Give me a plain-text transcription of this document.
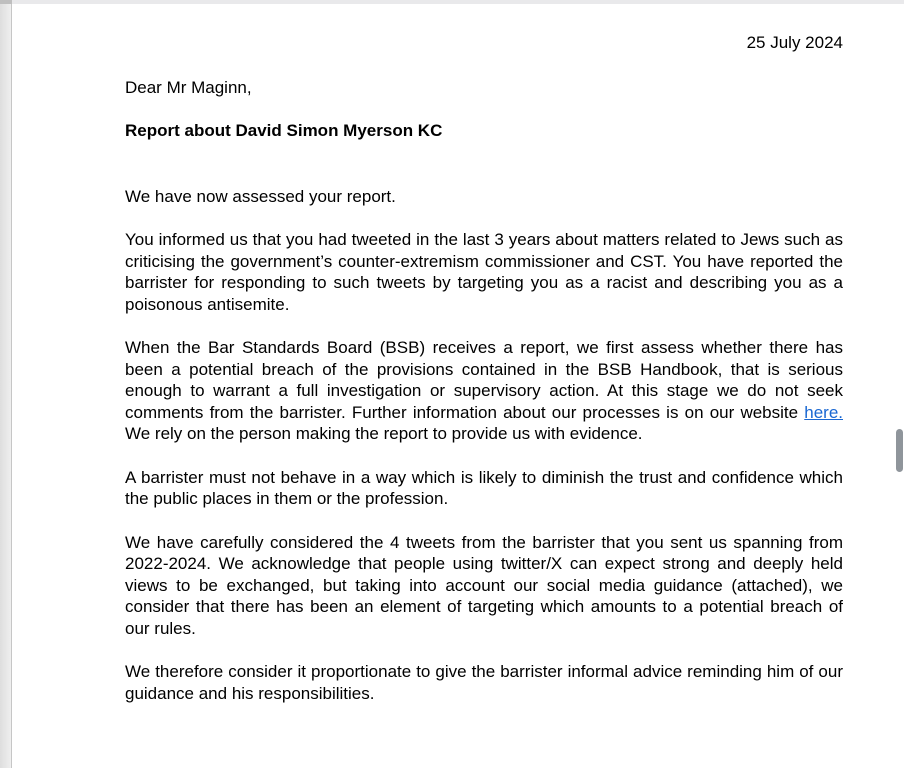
25 July 2024
Dear Mr Maginn,
Report about David Simon Myerson KC

We have now assessed your report.

You informed us that you had tweeted in the last 3 years about matters related to Jews such as criticising the government’s counter-extremism commissioner and CST. You have reported the barrister for responding to such tweets by targeting you as a racist and describing you as a poisonous antisemite.

When the Bar Standards Board (BSB) receives a report, we first assess whether there has been a potential breach of the provisions contained in the BSB Handbook, that is serious enough to warrant a full investigation or supervisory action. At this stage we do not seek comments from the barrister. Further information about our processes is on our website here. We rely on the person making the report to provide us with evidence.

A barrister must not behave in a way which is likely to diminish the trust and confidence which the public places in them or the profession.

We have carefully considered the 4 tweets from the barrister that you sent us spanning from 2022-2024. We acknowledge that people using twitter/X can expect strong and deeply held views to be exchanged, but taking into account our social media guidance (attached), we consider that there has been an element of targeting which amounts to a potential breach of our rules.

We therefore consider it proportionate to give the barrister informal advice reminding him of our guidance and his responsibilities.
